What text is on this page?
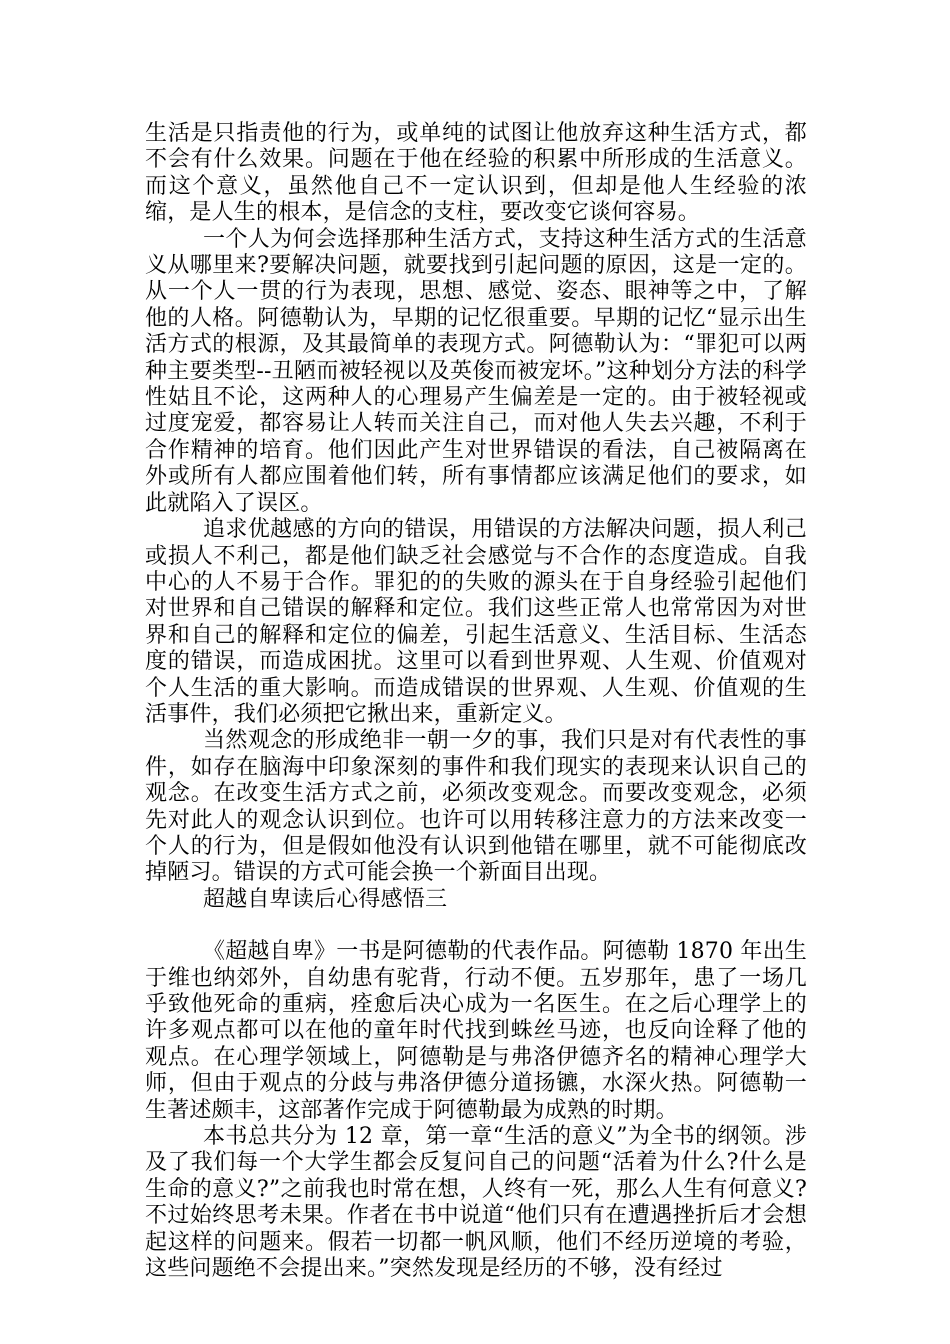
生活是只指责他的行为，或单纯的试图让他放弃这种生活方式，都不会有什么效果。问题在于他在经验的积累中所形成的生活意义。而这个意义，虽然他自己不一定认识到，但却是他人生经验的浓缩，是人生的根本，是信念的支柱，要改变它谈何容易。

一个人为何会选择那种生活方式，支持这种生活方式的生活意义从哪里来?要解决问题，就要找到引起问题的原因，这是一定的。从一个人一贯的行为表现，思想、感觉、姿态、眼神等之中，了解他的人格。阿德勒认为，早期的记忆很重要。早期的记忆“显示出生活方式的根源，及其最简单的表现方式。阿德勒认为：“罪犯可以两种主要类型--丑陋而被轻视以及英俊而被宠坏。”这种划分方法的科学性姑且不论，这两种人的心理易产生偏差是一定的。由于被轻视或过度宠爱，都容易让人转而关注自己，而对他人失去兴趣，不利于合作精神的培育。他们因此产生对世界错误的看法，自己被隔离在外或所有人都应围着他们转，所有事情都应该满足他们的要求，如此就陷入了误区。

追求优越感的方向的错误，用错误的方法解决问题，损人利己或损人不利己，都是他们缺乏社会感觉与不合作的态度造成。自我中心的人不易于合作。罪犯的的失败的源头在于自身经验引起他们对世界和自己错误的解释和定位。我们这些正常人也常常因为对世界和自己的解释和定位的偏差，引起生活意义、生活目标、生活态度的错误，而造成困扰。这里可以看到世界观、人生观、价值观对个人生活的重大影响。而造成错误的世界观、人生观、价值观的生活事件，我们必须把它揪出来，重新定义。

当然观念的形成绝非一朝一夕的事，我们只是对有代表性的事件，如存在脑海中印象深刻的事件和我们现实的表现来认识自己的观念。在改变生活方式之前，必须改变观念。而要改变观念，必须先对此人的观念认识到位。也许可以用转移注意力的方法来改变一个人的行为，但是假如他没有认识到他错在哪里，就不可能彻底改掉陋习。错误的方式可能会换一个新面目出现。

超越自卑读后心得感悟三

《超越自卑》一书是阿德勒的代表作品。阿德勒 1870 年出生于维也纳郊外，自幼患有驼背，行动不便。五岁那年，患了一场几乎致他死命的重病，痊愈后决心成为一名医生。在之后心理学上的许多观点都可以在他的童年时代找到蛛丝马迹，也反向诠释了他的观点。在心理学领域上，阿德勒是与弗洛伊德齐名的精神心理学大师，但由于观点的分歧与弗洛伊德分道扬镳，水深火热。阿德勒一生著述颇丰，这部著作完成于阿德勒最为成熟的时期。

本书总共分为 12 章，第一章“生活的意义”为全书的纲领。涉及了我们每一个大学生都会反复问自己的问题“活着为什么?什么是生命的意义?”之前我也时常在想，人终有一死，那么人生有何意义?不过始终思考未果。作者在书中说道“他们只有在遭遇挫折后才会想起这样的问题来。假若一切都一帆风顺，他们不经历逆境的考验，这些问题绝不会提出来。”突然发现是经历的不够，没有经过
